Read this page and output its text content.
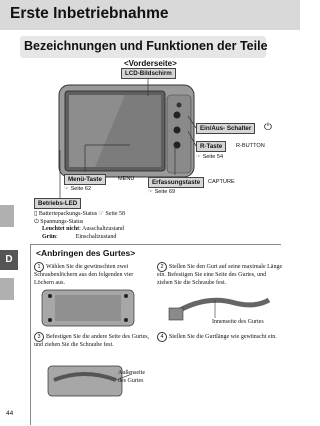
Erste Inbetriebnahme
Bezeichnungen und Funktionen der Teile
D
<Vorderseite>
LCD-Bildschirm
Ein/Aus- Schalter	⏻
R-Taste	R-BUTTON
☞ Seite 54
Menü-Taste	MENU
☞ Seite 62
Erfassungstaste	CAPTURE
☞ Seite 69
Betriebs-LED
▯ Batteriepackungs-Status ☞ Seite 58
⏻ Spannungs-Status
Leuchtet nicht: Ausschaltzustand
Grün:            Einschaltzustand
<Anbringen des Gurtes>
1 Wählen Sie die gewünschten zwei Schraubenlöchern aus den folgenden vier Löchern aus.
2 Stellen Sie den Gurt auf seine maximale Länge ein. Befestigen Sie eine Seite des Gurtes, und ziehen Sie die Schraube fest.
Innenseite des Gurtes
3 Befestigen Sie die andere Seite des Gurtes, und ziehen Sie die Schraube fest.
4 Stellen Sie die Gurtlänge wie gewünscht ein.
Außenseite
des Gurtes
44
